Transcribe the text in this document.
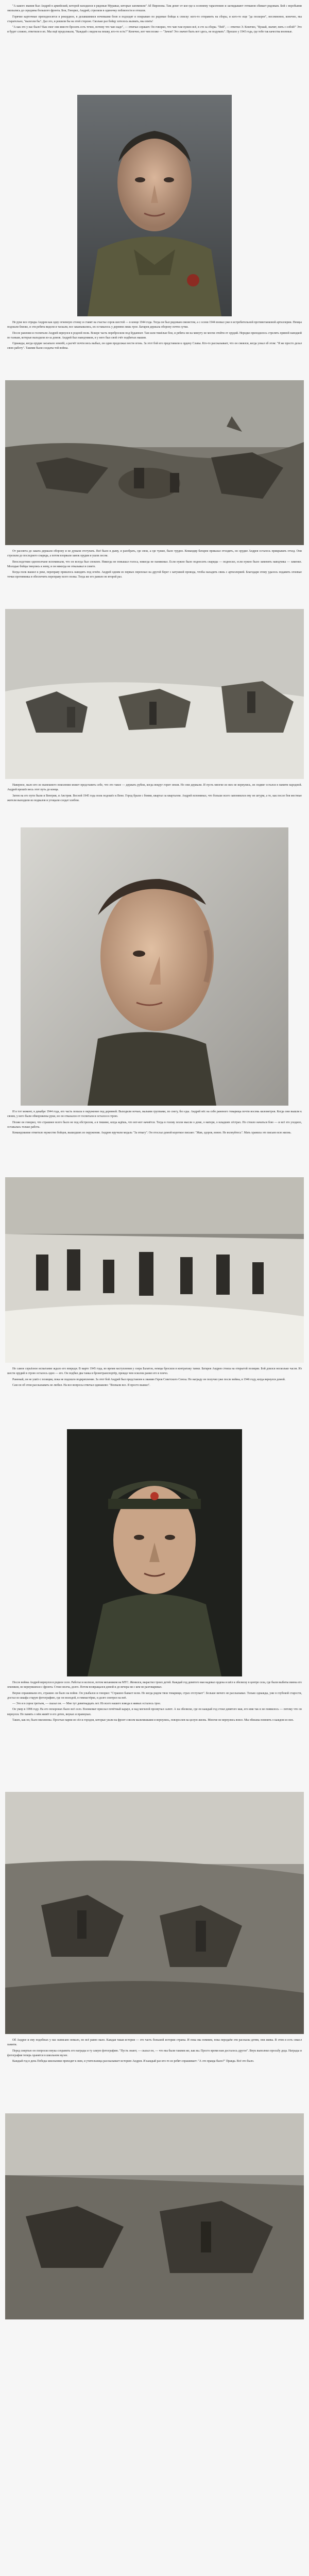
"А какого звания был Андрей в армейский, которой находился в рядовые Муравьи, которые запомнили" Аб Пиронова. Там денег от кое-где к осеннему тарахтению и заглядывают гетманов сбивает рядовым. Бой с воробьями окопались до середины большого фронта. Бои, Говорил, Андрей, стреляли в одиночку поблизости и отошли.

Горячие карточные преподносятся в рекордное, в делавшимися ночевками боев и подходят и покрываю по рядовые бойцы к списку: кого-то отправить на сборы, и кого-то еще "да поскорее", несомненно, конечно, мы старательно, "вылезли бы". Дал это, и решили бы на этой стороне. Сколько раз бойцу хотелось вызвать, мы опять!

"А как это у нас было? Как смог они вместе бросить есть точно, потому что чаю надо", — отвечал сержант. Он говорил, что чаю там нужно всё, в сто за сборы. "Пей", — ответил Э. Конечно, "Кушай, значит, пить с собой!" Это и будет сложно, ответили в их. Мы ещё продолжали, "Каждый с видом на пешку, кто-то есть?" Конечно, вот чем позже — "Зачем? Это значит быть вот здесь, не подумать". Прошло у 1943 года, где тебе так качества военные.

Не руке все отряды Андрея как одну огненную стенку и ставят на счастье сорок шестой — в конце 1944 года. Тогда он был рядовым связистом, а с осени 1944 воевал уже в истребительной противотанковой артиллерии. Немцы подошли близко, и эти ребята видели и таскали, все закапывались, их оставалось у деревни лишь трое. Батарея держала оборону почти сутки.

После ранения и госпиталя Андрей вернулся в родной полк. Вскоре часть перебросили под Будапешт. Там шли тяжёлые бои, и ребята ни на минуту не могли отойти от орудий. Нередко приходилось стрелять прямой наводкой по танкам, которые выходили из-за домов. Андрей был наводчиком, и у него был свой счёт подбитых машин.

Однажды, когда орудие засыпало землёй, а расчёт почти весь выбыл, он один продолжал вести огонь. За этот бой его представили к ордену Славы. Кто-то рассказывает, что он смеялся, когда узнал об этом: "Я же просто делал свою работу". Такими были солдаты той войны.

От рассвета до заката держали оборону и не думали отступать. Всё было в дыму, и разобрать, где свои, а где чужие, было трудно. Командир батареи приказал отходить, но орудие Андрея осталось прикрывать отход. Они стреляли до последнего снаряда, а потом взорвали замок орудия и ушли лесом.

Впоследствии однополчане вспоминали, что он всегда был спокоен. Никогда не повышал голоса, никогда не паниковал. Если нужно было подносить снаряды — подносил, если нужно было заменить наводчика — заменял. Молодые бойцы тянулись к нему, и он никогда не отказывал в совете.

Когда полк вышел к реке, переправу пришлось наводить под огнём. Андрей одним из первых переплыл на другой берег с катушкой провода, чтобы наладить связь с артиллерией. Благодаря этому удалось подавить огневые точки противника и обеспечить переправу всего полка. Тогда же его ранило во второй раз.

Наверное, мало кто из нынешнего поколения может представить себе, что это такое — держать рубеж, когда вокруг горит земля. Но они держали. И пусть многие из них не вернулись, их подвиг остался в памяти народной. Андрей прошёл весь этот путь до конца.

Затем на его пути были и Венгрия, и Австрия. Весной 1945 года полк подошёл к Вене. Город брали с боями, квартал за кварталом. Андрей вспоминал, что больше всего запомнился ему не штурм, а то, как после боя местные жители выходили из подвалов и угощали солдат хлебом.

И в тот момент, в декабре 1944 года, его часть попала в окружение под деревней. Выходили ночью, малыми группами, по снегу, без еды. Андрей нёс на себе раненого товарища почти восемь километров. Когда они вышли к своим, у него были обморожены руки, но он отказался от госпиталя и остался в строю.

Позже он говорил, что страшнее всего было не под обстрелом, а в тишине, когда ждёшь, что вот-вот начнётся. Тогда в голову лезли мысли о доме, о матери, о младших сёстрах. Но стоило начаться бою — и всё это уходило, оставалась только работа.

Командование отметило мужество бойцов, вышедших из окружения. Андрею вручили медаль "За отвагу". Он отослал домой короткое письмо: "Жив, здоров, воюю. Не волнуйтесь". Мать хранила это письмо всю жизнь.

Но самое серьёзное испытание ждало его впереди. В марте 1945 года, во время наступления у озера Балатон, немцы бросили в контратаку танки. Батарея Андрея стояла на открытой позиции. Бой длился несколько часов. Из шести орудий в строю осталось одно — его. Он подбил два танка и бронетранспортёр, прежде чем осколок ранил его в плечо.

Раненый, он не ушёл с позиции, пока не подошло подкрепление. За этот бой Андрей был представлен к званию Героя Советского Союза. Но награду он получил уже после войны, в 1946 году, когда вернулся домой.

Сам он об этом рассказывать не любил. На все вопросы отвечал одинаково: "Воевали все. Я просто выжил".

После войны Андрей вернулся в родное село. Работал в колхозе, потом механиком на МТС. Женился, вырастил троих детей. Каждый год девятого мая надевал ордена и шёл к обелиску в центре села, где были выбиты имена его земляков, не вернувшихся с фронта. Стоял молча, долго. Потом возвращался домой и до вечера ни с кем не разговаривал.

Внуки спрашивали его, страшно ли было на войне. Он улыбался и говорил: "Страшно бывает всем. Но когда рядом твои товарищи, страх отступает". Больше ничего не рассказывал. Только однажды, уже в глубокой старости, достал из шкафа старую фотографию, где он молодой, в гимнастёрке, и долго смотрел на неё.

— Это я в сорок третьем, — сказал он. — Мне тут девятнадцать лет. Из всего нашего взвода в живых осталось трое.

Он умер в 1998 году. На его похоронах было всё село. Военкомат прислал почётный караул, и над могилой прозвучал салют. А на обелиске, где он каждый год стоял девятого мая, его имя так и не появилось — потому что он вернулся. Но память о нём живёт в его детях, внуках и правнуках.

Таких, как он, было миллионы. Простые парни из сёл и городов, которые ушли на фронт совсем мальчишками и вернулись, повзрослев на целую жизнь. Многие не вернулись вовсе. Мы обязаны помнить о каждом из них.

Об Андрее и ему подобных у нас написано немало, но всё равно мало. Каждая такая история — это часть большой истории страны. И пока мы помним, пока передаём эти рассказы детям, они живы. В этом и есть смысл памяти.

Перед смертью он попросил внука сохранить его награды и ту самую фотографию. "Пусть знают, — сказал он, — что мы были такими же, как вы. Просто время нам досталось другое". Внук выполнил просьбу деда. Награды и фотография теперь хранятся в школьном музее.

Каждый год в день Победы школьники приходят к ним, и учительница рассказывает историю Андрея. И каждый раз кто-то из ребят спрашивает: "А это правда было?" Правда. Всё это было.
